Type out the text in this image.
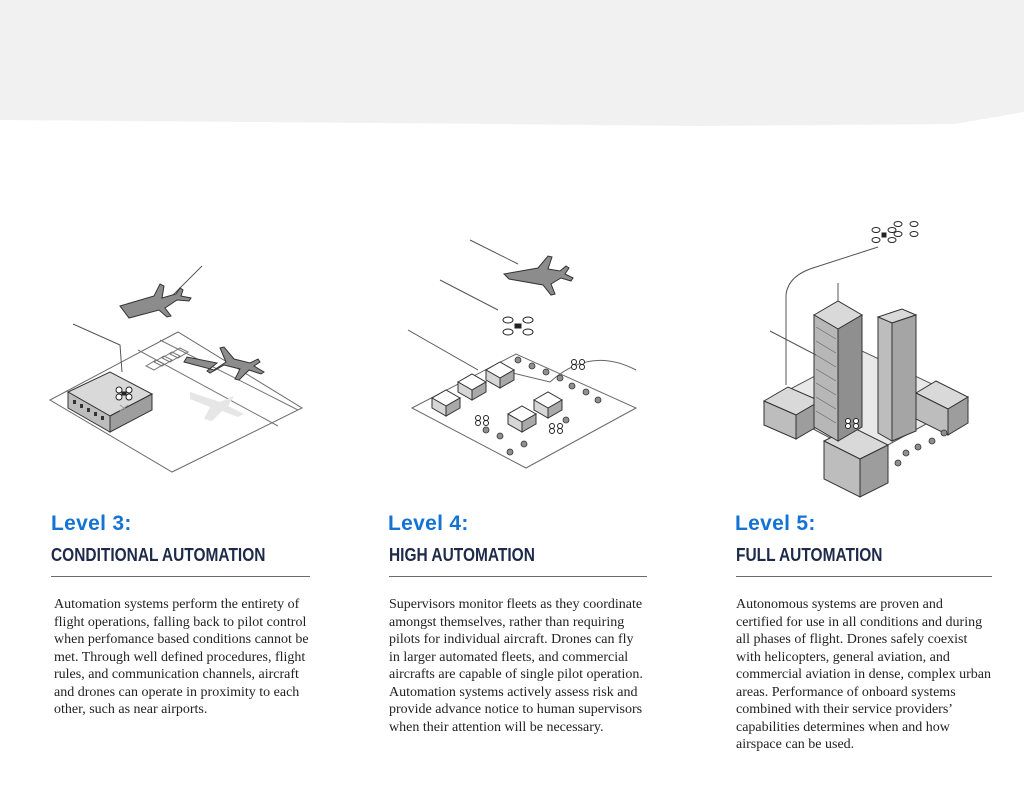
Level 3:
CONDITIONAL AUTOMATION
Automation systems perform the entirety of flight operations, falling back to pilot control when perfomance based conditions cannot be met. Through well defined procedures, flight rules, and communication channels, aircraft and drones can operate in proximity to each other, such as near airports.
Level 4:
HIGH AUTOMATION
Supervisors monitor fleets as they coordinate amongst themselves, rather than requiring pilots for individual aircraft. Drones can fly in larger automated fleets, and commercial aircrafts are capable of single pilot operation. Automation systems actively assess risk and provide advance notice to human supervisors when their attention will be necessary.
Level 5:
FULL AUTOMATION
Autonomous systems are proven and certified for use in all conditions and during all phases of flight. Drones safely coexist with helicopters, general aviation, and commercial aviation in dense, complex urban areas. Performance of onboard systems combined with their service providers’ capabilities determines when and how airspace can be used.
